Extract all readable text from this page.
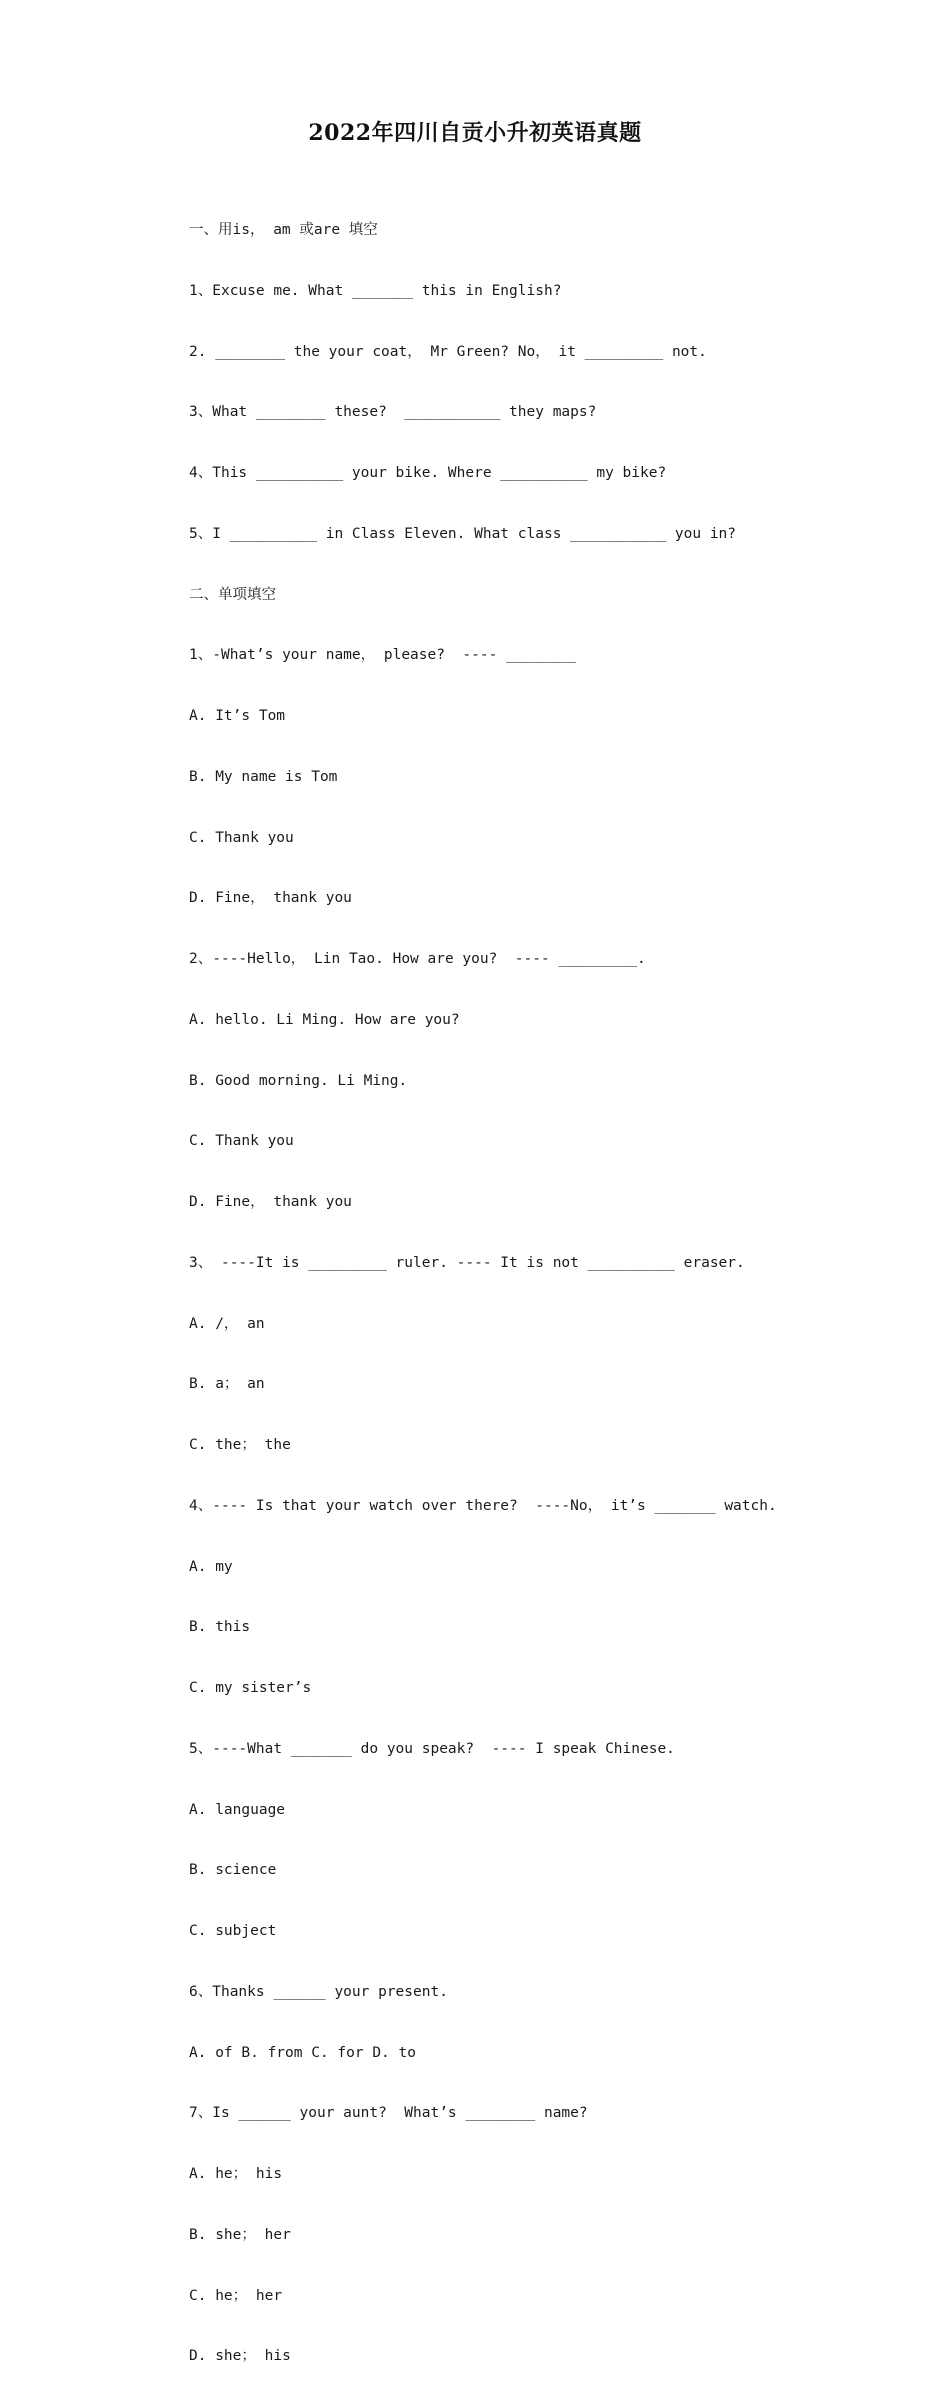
2022年四川自贡小升初英语真题

一、用is， am 或are 填空

1、Excuse me. What _______ this in English?

2. ________ the your coat， Mr Green? No， it _________ not.

3、What ________ these?  ___________ they maps?

4、This __________ your bike. Where __________ my bike?

5、I __________ in Class Eleven. What class ___________ you in?

二、单项填空

1、-What’s your name， please?  ---- ________

A. It’s Tom

B. My name is Tom

C. Thank you

D. Fine， thank you

2、----Hello， Lin Tao. How are you?  ---- _________.

A. hello. Li Ming. How are you?

B. Good morning. Li Ming.

C. Thank you

D. Fine， thank you

3、 ----It is _________ ruler. ---- It is not __________ eraser.

A. /， an

B. a； an

C. the； the

4、---- Is that your watch over there?  ----No， it’s _______ watch.

A. my

B. this

C. my sister’s

5、----What _______ do you speak?  ---- I speak Chinese.

A. language

B. science

C. subject

6、Thanks ______ your present.

A. of B. from C. for D. to

7、Is ______ your aunt?  What’s ________ name?

A. he； his

B. she； her

C. he； her

D. she； his
